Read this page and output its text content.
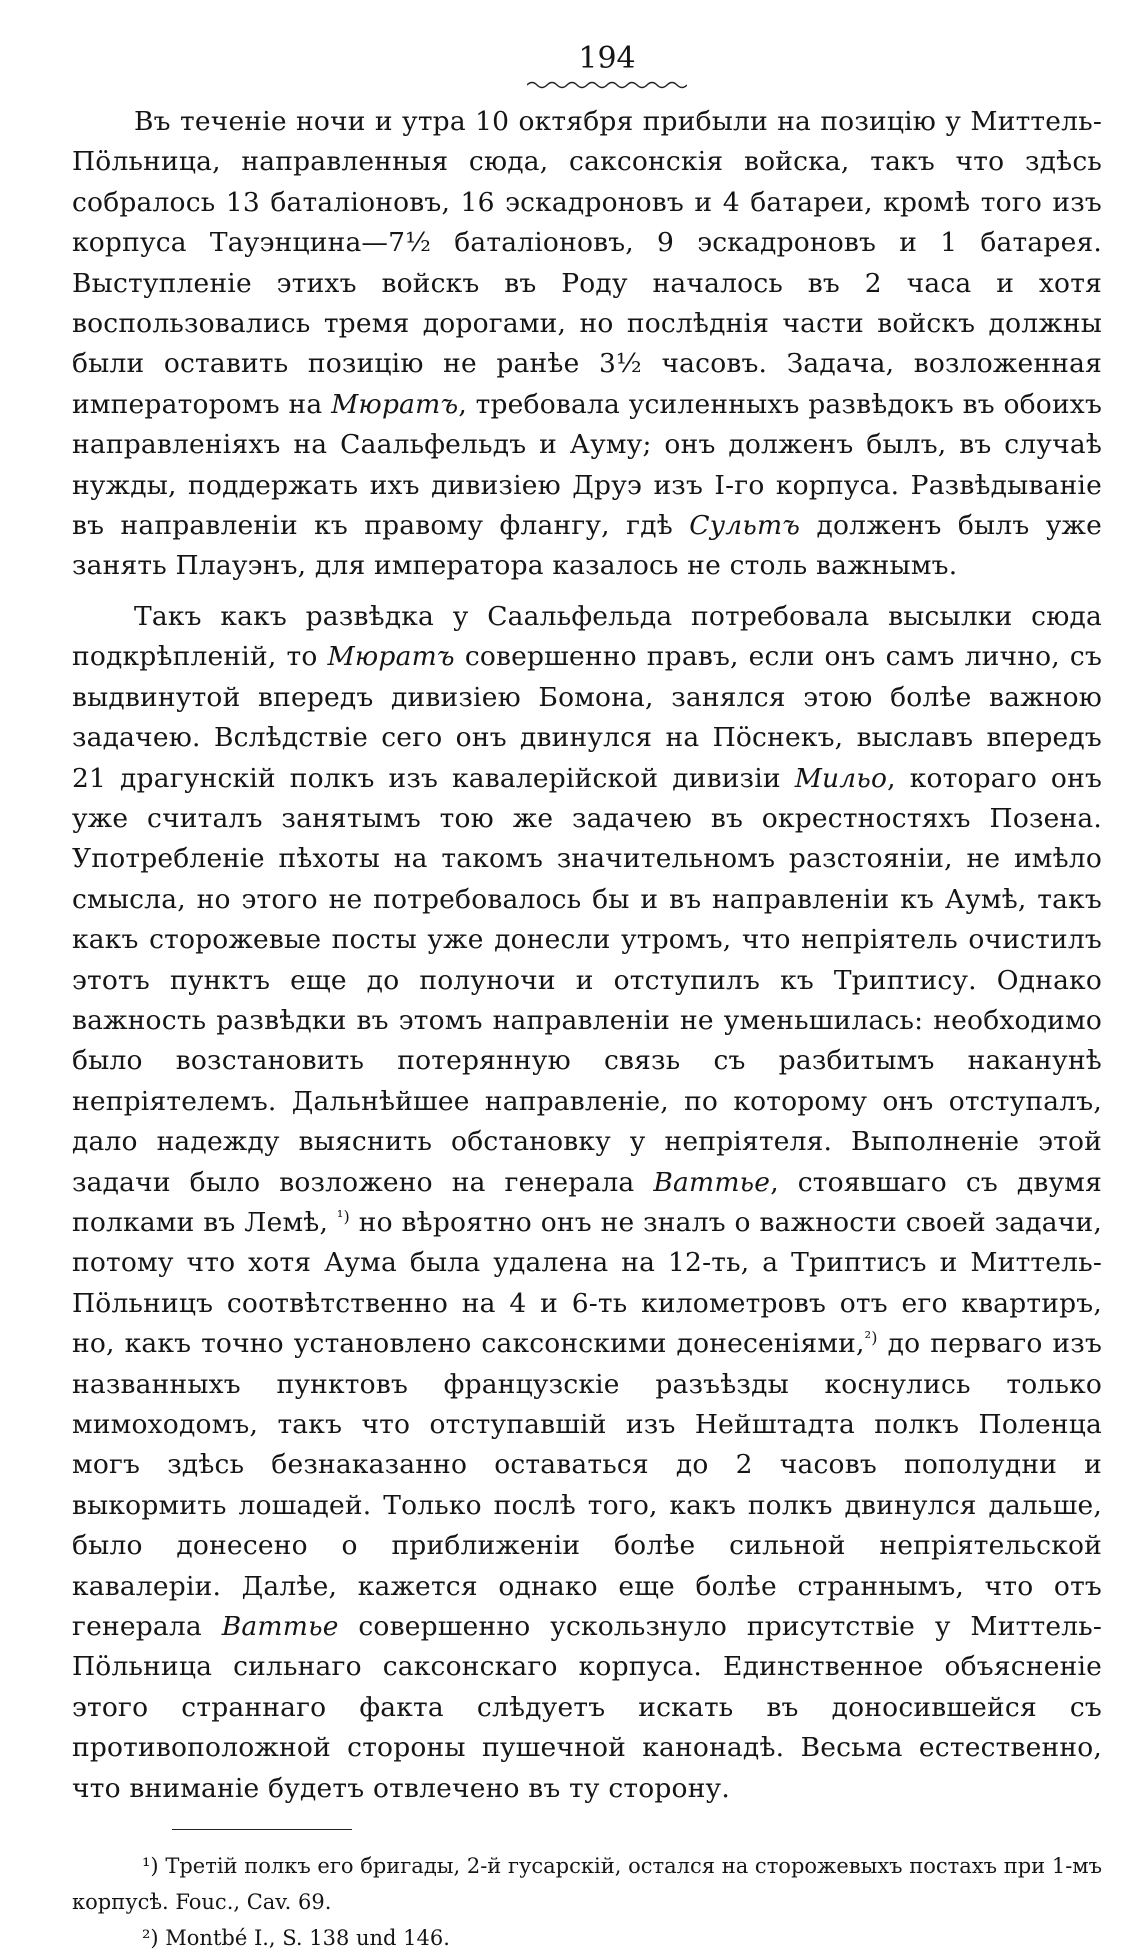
194

Въ теченіе ночи и утра 10 октября прибыли на позицію у Миттель-Пöльница, направленныя сюда, саксонскія войска, такъ что здѣсь собралось 13 баталіоновъ, 16 эскадроновъ и 4 батареи, кромѣ того изъ корпуса Тауэнцина—7½ баталіоновъ, 9 эскадроновъ и 1 батарея. Выступленіе этихъ войскъ въ Роду началось въ 2 часа и хотя воспользовались тремя дорогами, но послѣднія части войскъ должны были оставить позицію не ранѣе 3½ часовъ. Задача, возложенная императоромъ на Мюратъ, требовала усиленныхъ развѣдокъ въ обоихъ направленіяхъ на Саальфельдъ и Ауму; онъ долженъ былъ, въ случаѣ нужды, поддержать ихъ дивизіею Друэ изъ I-го корпуса. Развѣдываніе въ направленіи къ правому флангу, гдѣ Сультъ долженъ былъ уже занять Плауэнъ, для императора казалось не столь важнымъ.

Такъ какъ развѣдка у Саальфельда потребовала высылки сюда подкрѣпленій, то Мюратъ совершенно правъ, если онъ самъ лично, съ выдвинутой впередъ дивизіею Бомона, занялся этою болѣе важною задачею. Вслѣдствіе сего онъ двинулся на Пöснекъ, выславъ впередъ 21 драгунскій полкъ изъ кавалерійской дивизіи Мильо, котораго онъ уже считалъ занятымъ тою же задачею въ окрестностяхъ Позена. Употребленіе пѣхоты на такомъ значительномъ разстояніи, не имѣло смысла, но этого не потребовалось бы и въ направленіи къ Аумѣ, такъ какъ сторожевые посты уже донесли утромъ, что непріятель очистилъ этотъ пунктъ еще до полуночи и отступилъ къ Триптису. Однако важность развѣдки въ этомъ направленіи не уменьшилась: необходимо было возстановить потерянную связь съ разбитымъ наканунѣ непріятелемъ. Дальнѣйшее направленіе, по которому онъ отступалъ, дало надежду выяснить обстановку у непріятеля. Выполненіе этой задачи было возложено на генерала Ваттье, стоявшаго съ двумя полками въ Лемѣ, $^{^1)}$ но вѣроятно онъ не зналъ о важности своей задачи, потому что хотя Аума была удалена на 12-ть, а Триптисъ и Миттель-Пöльницъ соотвѣтственно на 4 и 6-ть километровъ отъ его квартиръ, но, какъ точно установлено саксонскими донесеніями,$^{^2)}$ до перваго изъ названныхъ пунктовъ французскіе разъѣзды коснулись только мимоходомъ, такъ что отступавшій изъ Нейштадта полкъ Поленца могъ здѣсь безнаказанно оставаться до 2 часовъ пополудни и выкормить лошадей. Только послѣ того, какъ полкъ двинулся дальше, было донесено о приближеніи болѣе сильной непріятельской кавалеріи. Далѣе, кажется однако еще болѣе страннымъ, что отъ генерала Ваттье совершенно ускользнуло присутствіе у Миттель-Пöльница сильнаго саксонскаго корпуса. Единственное объясненіе этого страннаго факта слѣдуетъ искать въ доносившейся съ противоположной стороны пушечной канонадѣ. Весьма естественно, что вниманіе будетъ отвлечено въ ту сторону.

¹) Третій полкъ его бригады, 2-й гусарскій, остался на сторожевыхъ постахъ при 1-мъ корпусѣ. Fouc., Cav. 69.

²) Montbé I., S. 138 und 146.
